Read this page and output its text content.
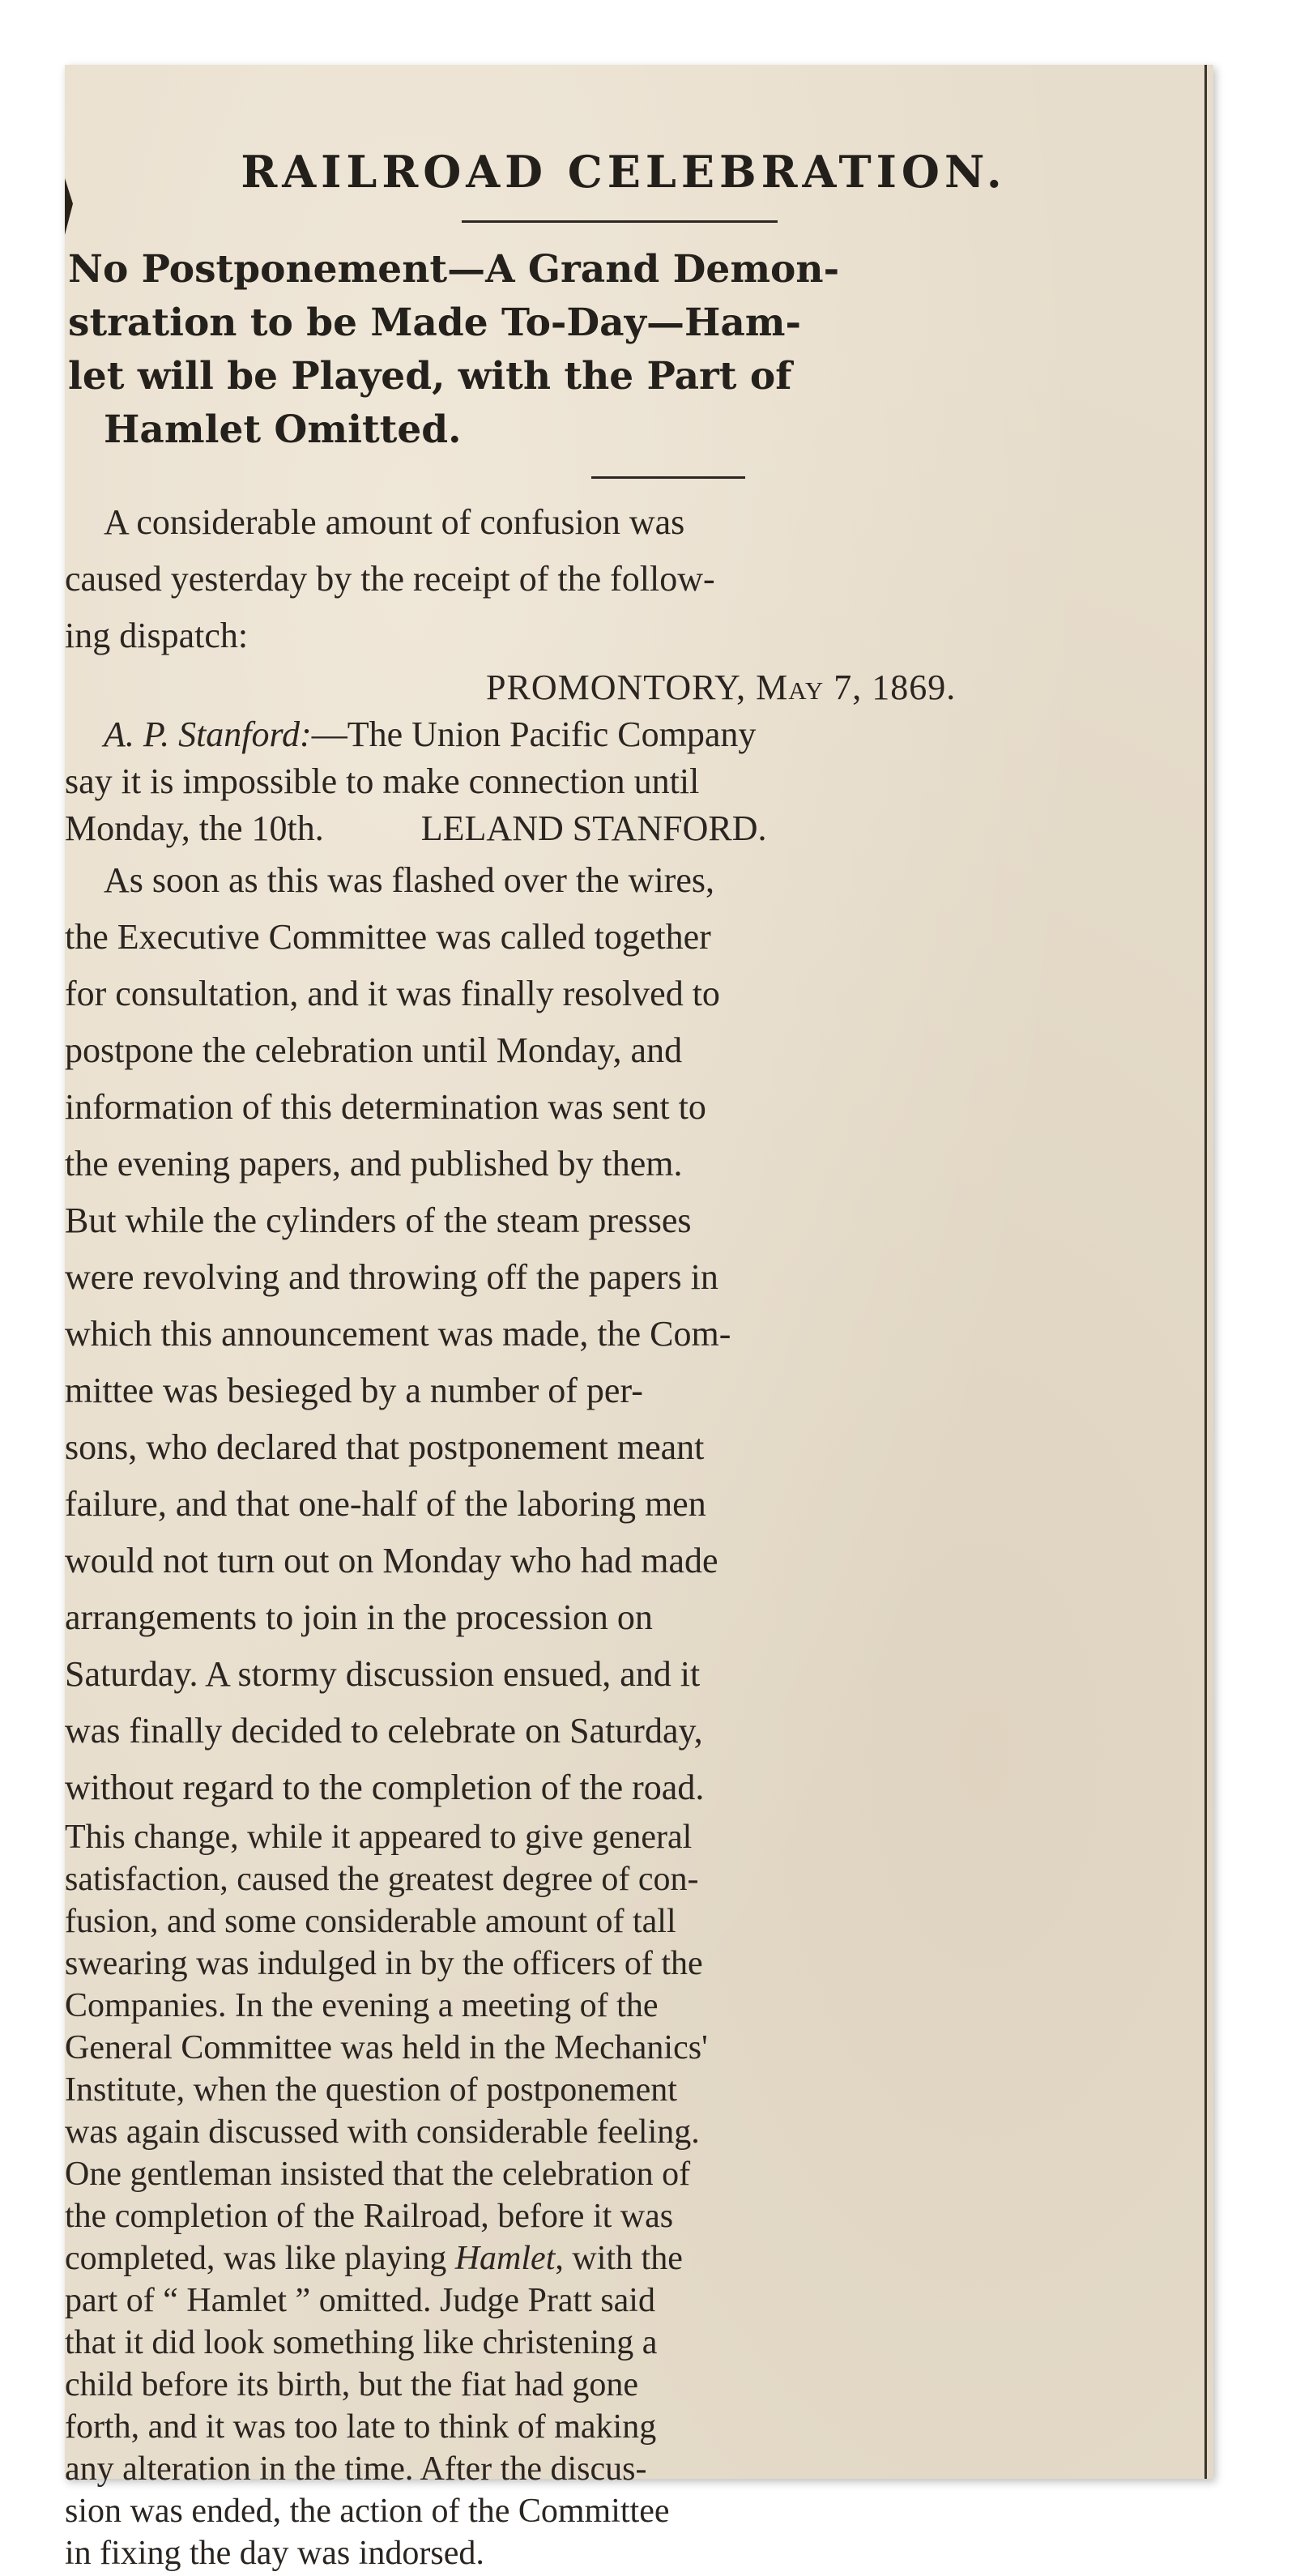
RAILROAD CELEBRATION.
No Postponement—A Grand Demon-
stration to be Made To-Day—Ham-
let will be Played, with the Part of
Hamlet Omitted.
A considerable amount of confusion was
caused yesterday by the receipt of the follow-
ing dispatch:
PROMONTORY, May 7, 1869.
A. P. Stanford:—The Union Pacific Company
say it is impossible to make connection until
Monday, the 10th.	LELAND STANFORD.
As soon as this was flashed over the wires,
the Executive Committee was called together
for consultation, and it was finally resolved to
postpone the celebration until Monday, and
information of this determination was sent to
the evening papers, and published by them.
But while the cylinders of the steam presses
were revolving and throwing off the papers in
which this announcement was made, the Com-
mittee was besieged by a number of per-
sons, who declared that postponement meant
failure, and that one-half of the laboring men
would not turn out on Monday who had made
arrangements to join in the procession on
Saturday. A stormy discussion ensued, and it
was finally decided to celebrate on Saturday,
without regard to the completion of the road.
This change, while it appeared to give general
satisfaction, caused the greatest degree of con-
fusion, and some considerable amount of tall
swearing was indulged in by the officers of the
Companies. In the evening a meeting of the
General Committee was held in the Mechanics'
Institute, when the question of postponement
was again discussed with considerable feeling.
One gentleman insisted that the celebration of
the completion of the Railroad, before it was
completed, was like playing Hamlet, with the
part of “ Hamlet ” omitted. Judge Pratt said
that it did look something like christening a
child before its birth, but the fiat had gone
forth, and it was too late to think of making
any alteration in the time. After the discus-
sion was ended, the action of the Committee
in fixing the day was indorsed.
